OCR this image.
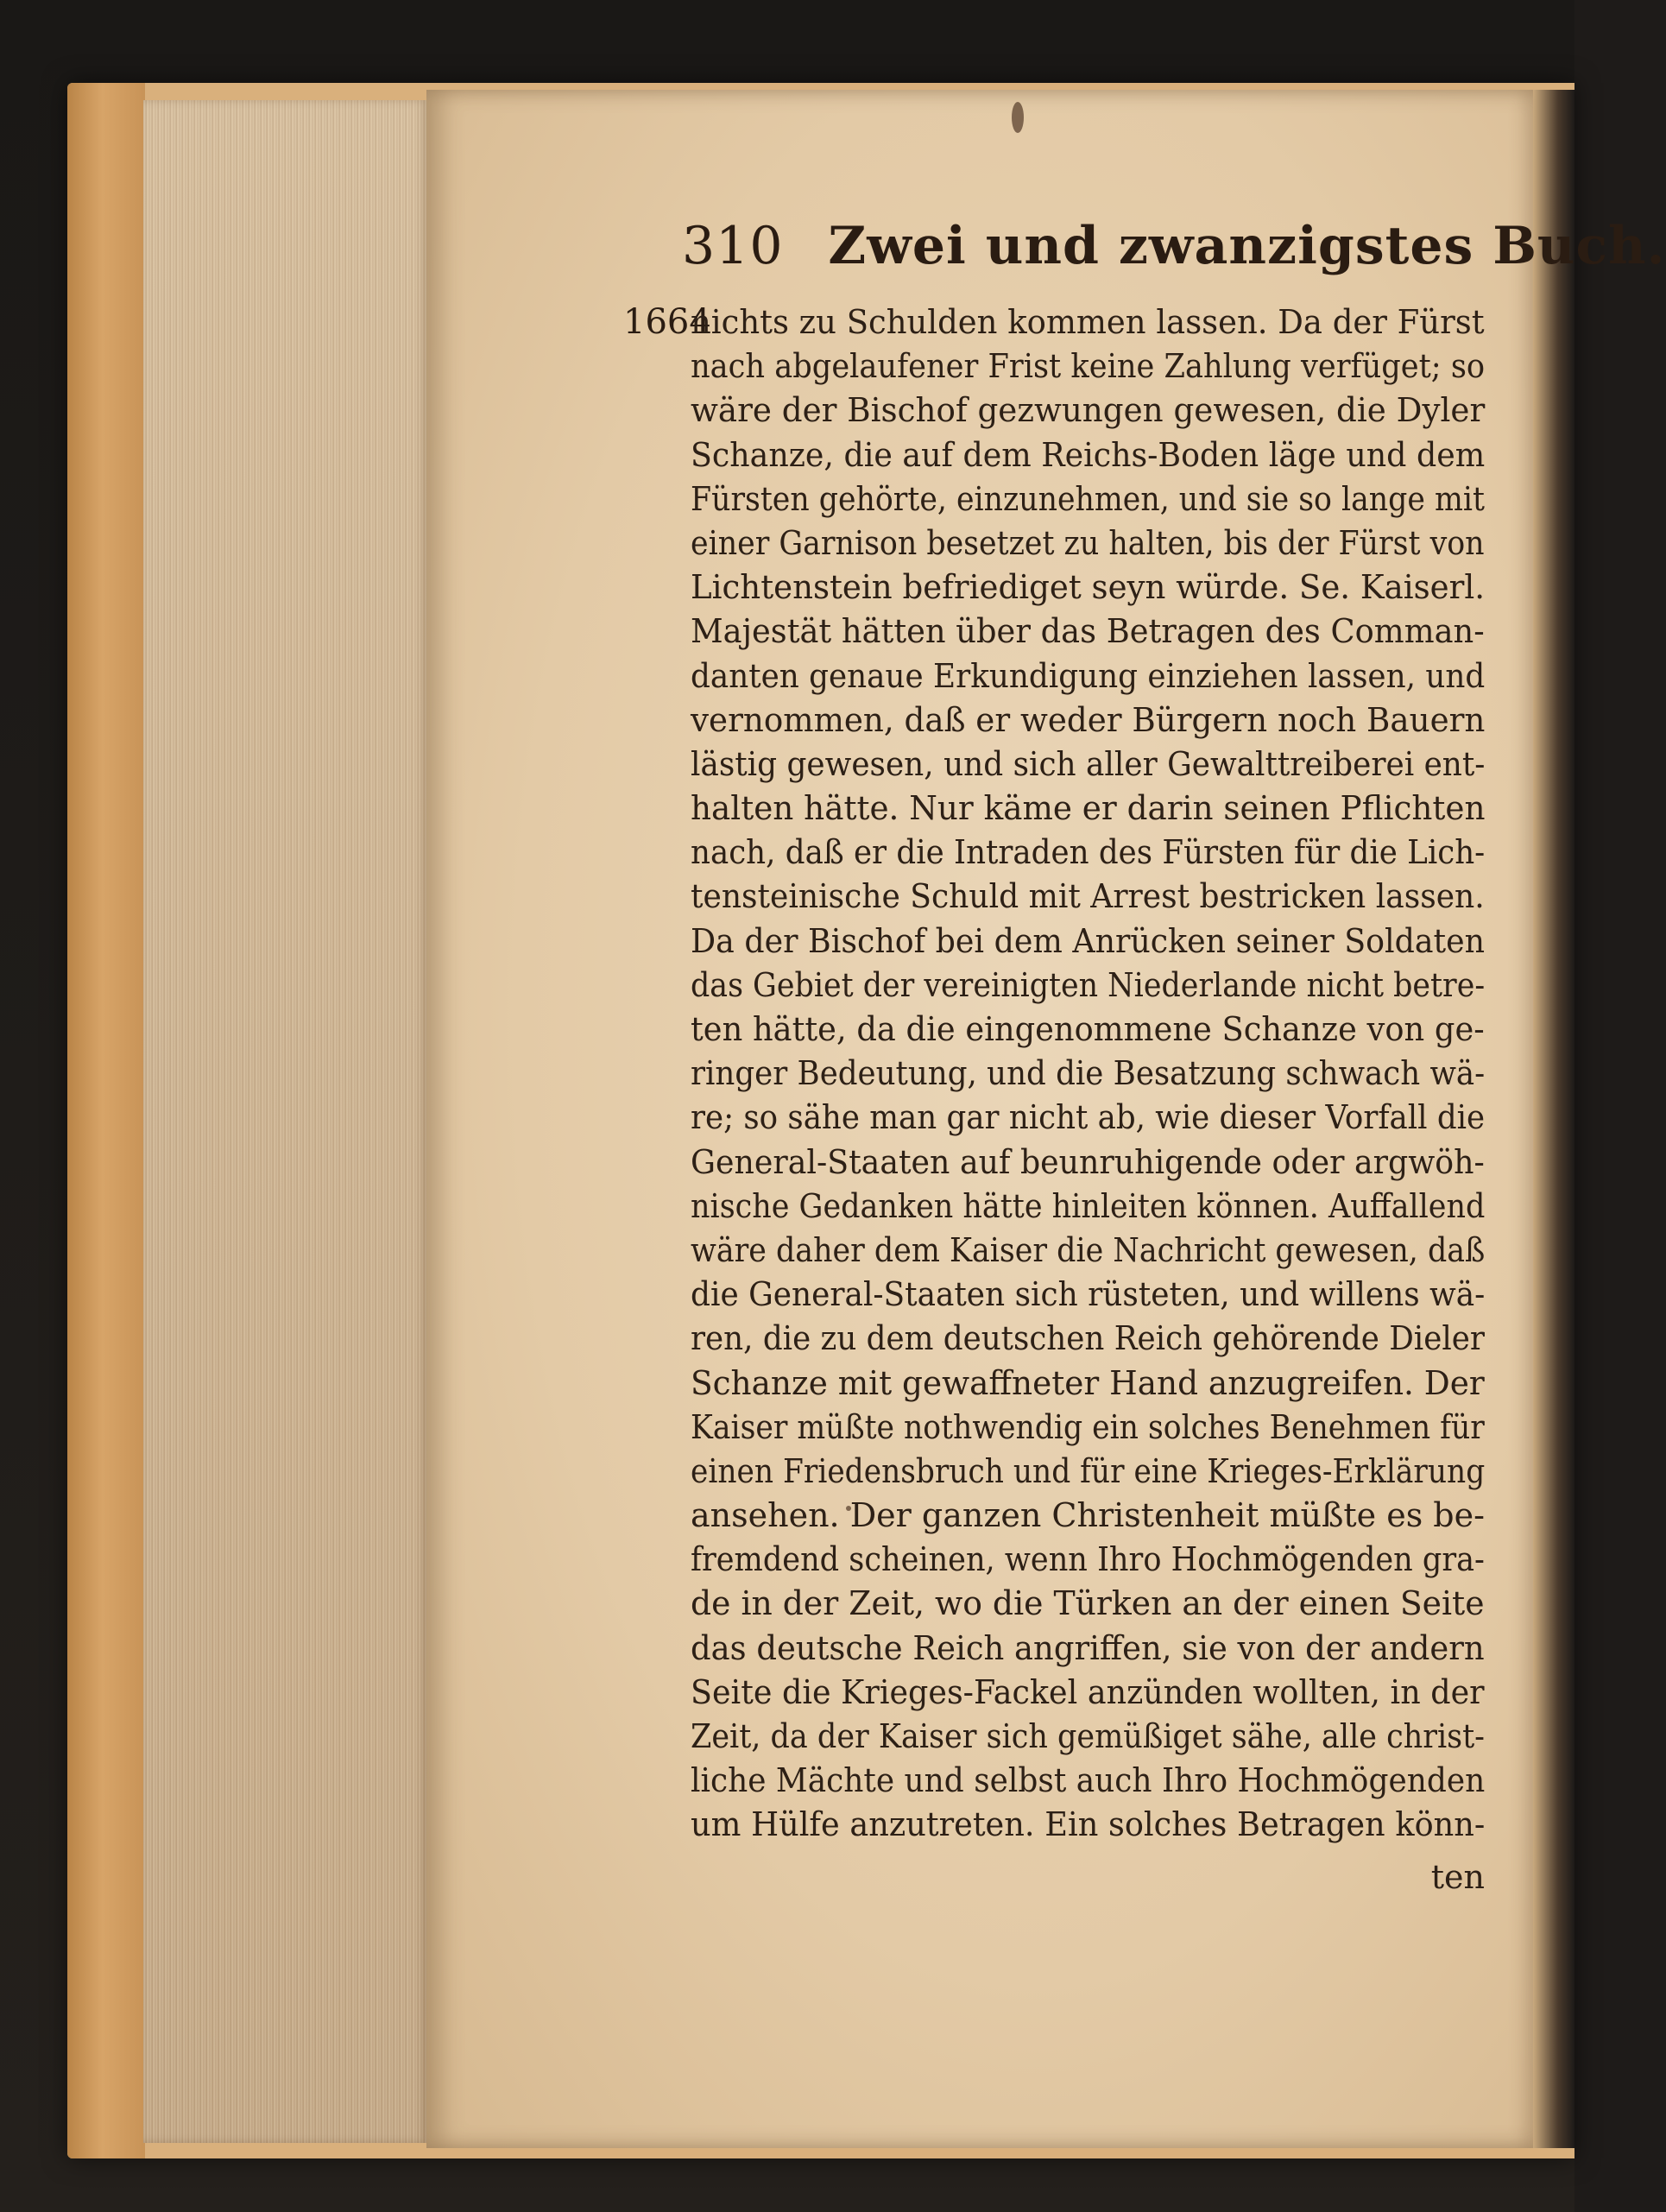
310 Zwei und zwanzigstes Buch.
1664
nichts zu Schulden kommen lassen. Da der Fürst
nach abgelaufener Frist keine Zahlung verfüget; so
wäre der Bischof gezwungen gewesen, die Dyler
Schanze, die auf dem Reichs-Boden läge und dem
Fürsten gehörte, einzunehmen, und sie so lange mit
einer Garnison besetzet zu halten, bis der Fürst von
Lichtenstein befriediget seyn würde. Se. Kaiserl.
Majestät hätten über das Betragen des Comman-
danten genaue Erkundigung einziehen lassen, und
vernommen, daß er weder Bürgern noch Bauern
lästig gewesen, und sich aller Gewalttreiberei ent-
halten hätte. Nur käme er darin seinen Pflichten
nach, daß er die Intraden des Fürsten für die Lich-
tensteinische Schuld mit Arrest bestricken lassen.
Da der Bischof bei dem Anrücken seiner Soldaten
das Gebiet der vereinigten Niederlande nicht betre-
ten hätte, da die eingenommene Schanze von ge-
ringer Bedeutung, und die Besatzung schwach wä-
re; so sähe man gar nicht ab, wie dieser Vorfall die
General-Staaten auf beunruhigende oder argwöh-
nische Gedanken hätte hinleiten können. Auffallend
wäre daher dem Kaiser die Nachricht gewesen, daß
die General-Staaten sich rüsteten, und willens wä-
ren, die zu dem deutschen Reich gehörende Dieler
Schanze mit gewaffneter Hand anzugreifen. Der
Kaiser müßte nothwendig ein solches Benehmen für
einen Friedensbruch und für eine Krieges-Erklärung
ansehen. Der ganzen Christenheit müßte es be-
fremdend scheinen, wenn Ihro Hochmögenden gra-
de in der Zeit, wo die Türken an der einen Seite
das deutsche Reich angriffen, sie von der andern
Seite die Krieges-Fackel anzünden wollten, in der
Zeit, da der Kaiser sich gemüßiget sähe, alle christ-
liche Mächte und selbst auch Ihro Hochmögenden
um Hülfe anzutreten. Ein solches Betragen könn-
ten
